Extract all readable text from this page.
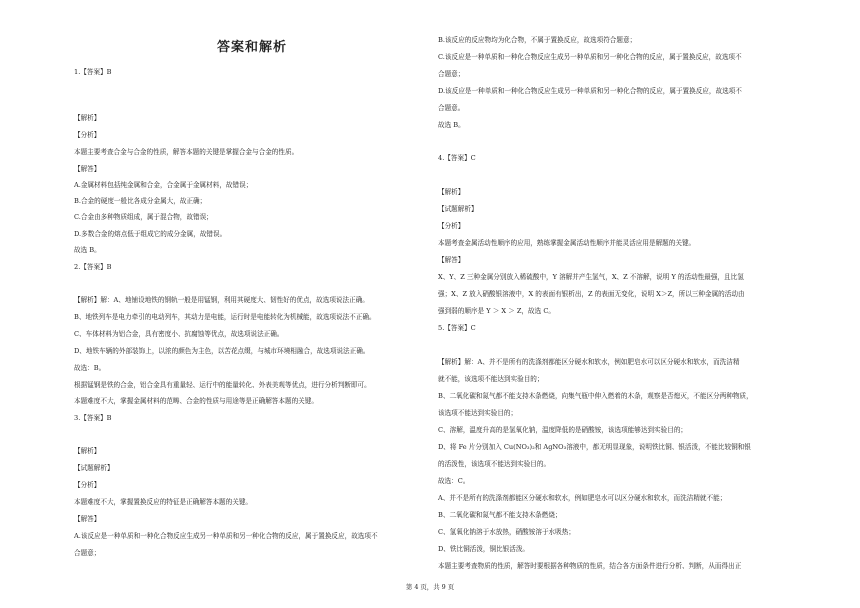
答案和解析
1.【答案】B
【解析】
【分析】
本题主要考查合金与合金的性质，解答本题的关键是掌握合金与合金的性质。
【解答】
A.金属材料包括纯金属和合金，合金属于金属材料，故错误；
B.合金的硬度一般比各成分金属大，故正确；
C.合金由多种物质组成，属于混合物，故错误；
D.多数合金的熔点低于组成它的成分金属，故错误。
故选 B。
2.【答案】B
【解析】解：A、地铺设地铁的钢轨一般是用锰钢，利用其硬度大、韧性好的优点，故选项说法正确。
B、地铁列车是电力牵引的电动列车，其动力是电能，运行时是电能转化为机械能，故选项说法不正确。
C、车体材料为铝合金，具有密度小、抗腐蚀等优点，故选项说法正确。
D、地铁车辆的外部装饰上，以浓的颜色为主色，以苦花点缀，与城市环境相融合，故选项说法正确。
故选：B。
根据锰钢是铁的合金，铝合金具有重量轻、运行中的能量转化、外表美观等优点，进行分析判断即可。
本题难度不大，掌握金属材料的范畴、合金的性质与用途等是正确解答本题的关键。
3.【答案】B
【解析】
【试题解析】
【分析】
本题难度不大，掌握置换反应的特征是正确解答本题的关键。
【解答】
A.该反应是一种单质和一种化合物反应生成另一种单质和另一种化合物的反应，属于置换反应，故选项不
合题意；
B.该反应的反应物均为化合物，不属于置换反应，故选项符合题意；
C.该反应是一种单质和一种化合物反应生成另一种单质和另一种化合物的反应，属于置换反应，故选项不
合题意；
D.该反应是一种单质和一种化合物反应生成另一种单质和另一种化合物的反应，属于置换反应，故选项不
合题意。
故选 B。
4.【答案】C
【解析】
【试题解析】
【分析】
本题考查金属活动性顺序的应用，熟练掌握金属活动性顺序并能灵活应用是解题的关键。
【解答】
X、Y、Z 三种金属分别放入稀硫酸中，Y 溶解并产生氢气，X、Z 不溶解，说明 Y 的活动性最强，且比氢
强；X、Z 放入硝酸银溶液中，X 的表面有银析出，Z 的表面无变化，说明 X＞Z，所以三种金属的活动由
强到弱的顺序是 Y ＞ X ＞ Z，故选 C。
5.【答案】C
【解析】解：A、并不是所有的洗涤剂都能区分硬水和软水，例如肥皂水可以区分硬水和软水，而洗洁精
就不能，该选项不能达到实验目的；
B、二氧化碳和氮气都不能支持木条燃烧，向集气瓶中伸入燃着的木条，观察是否熄灭，不能区分两种物质，
该选项不能达到实验目的；
C、溶解，温度升高的是氢氧化钠，温度降低的是硝酸铵，该选项能够达到实验目的；
D、将 Fe 片分别加入 Cu(NO₃)₂和 AgNO₃溶液中，都无明显现象，说明铁比铜、银活泼，不能比较铜和银
的活泼性，该选项不能达到实验目的。
故选：C。
A、并不是所有的洗涤剂都能区分硬水和软水，例如肥皂水可以区分硬水和软水，而洗洁精就不能；
B、二氧化碳和氮气都不能支持木条燃烧；
C、氢氧化钠溶于水放热，硝酸铵溶于水吸热；
D、铁比铜活泼，铜比银活泼。
本题主要考查物质的性质，解答时要根据各种物质的性质，结合各方面条件进行分析、判断，从而得出正
第 4 页，共 9 页
